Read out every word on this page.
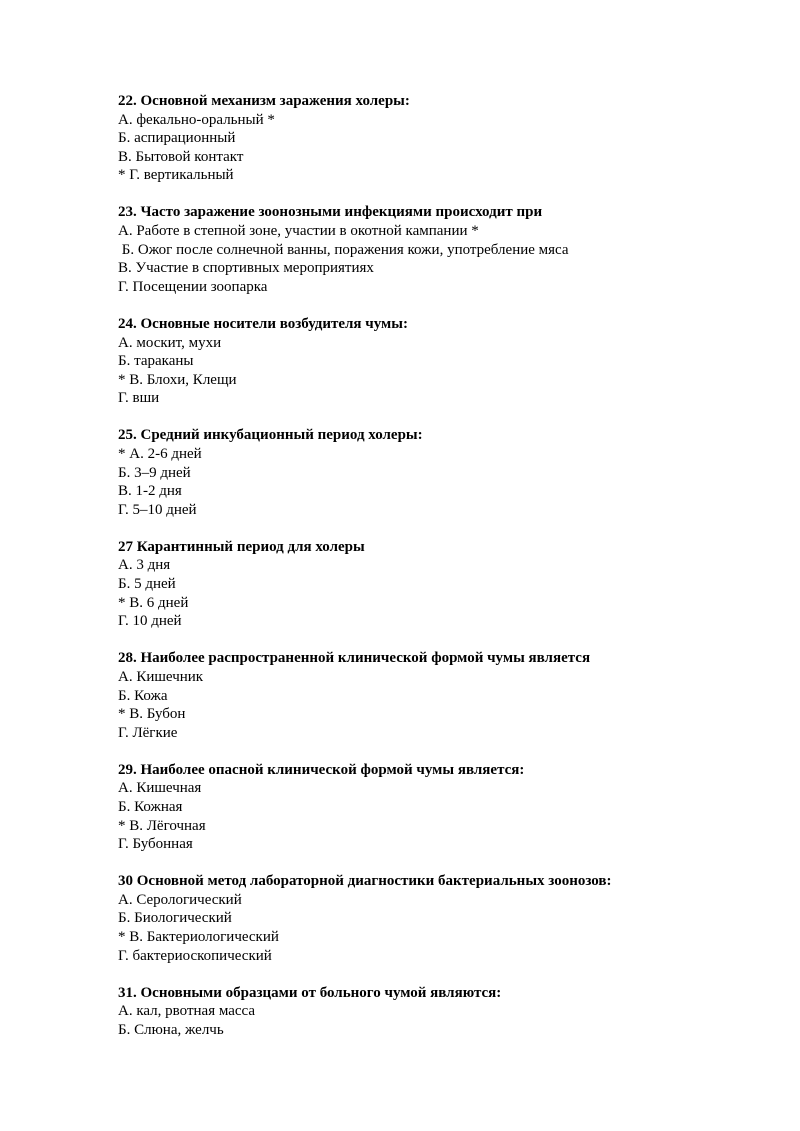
22. Основной механизм заражения холеры:
А. фекально-оральный *
Б. аспирационный
В. Бытовой контакт
* Г. вертикальный
23. Часто заражение зоонозными инфекциями происходит при
А. Работе в степной зоне, участии в окотной кампании *
Б. Ожог после солнечной ванны, поражения кожи, употребление мяса
В. Участие в спортивных мероприятиях
Г. Посещении зоопарка
24. Основные носители возбудителя чумы:
А. москит, мухи
Б. тараканы
* В. Блохи, Клещи
Г. вши
25. Средний инкубационный период холеры:
* А. 2-6 дней
Б. 3–9 дней
В. 1-2 дня
Г. 5–10 дней
27 Карантинный период для холеры
А. 3 дня
Б. 5 дней
* В. 6 дней
Г. 10 дней
28. Наиболее распространенной клинической формой чумы является
А. Кишечник
Б. Кожа
* В. Бубон
Г. Лёгкие
29. Наиболее опасной клинической формой чумы является:
А. Кишечная
Б. Кожная
* В. Лёгочная
Г. Бубонная
30 Основной метод лабораторной диагностики бактериальных зоонозов:
А. Серологический
Б. Биологический
* В. Бактериологический
Г. бактериоскопический
31. Основными образцами от больного чумой являются:
А. кал, рвотная масса
Б. Слюна, желчь
